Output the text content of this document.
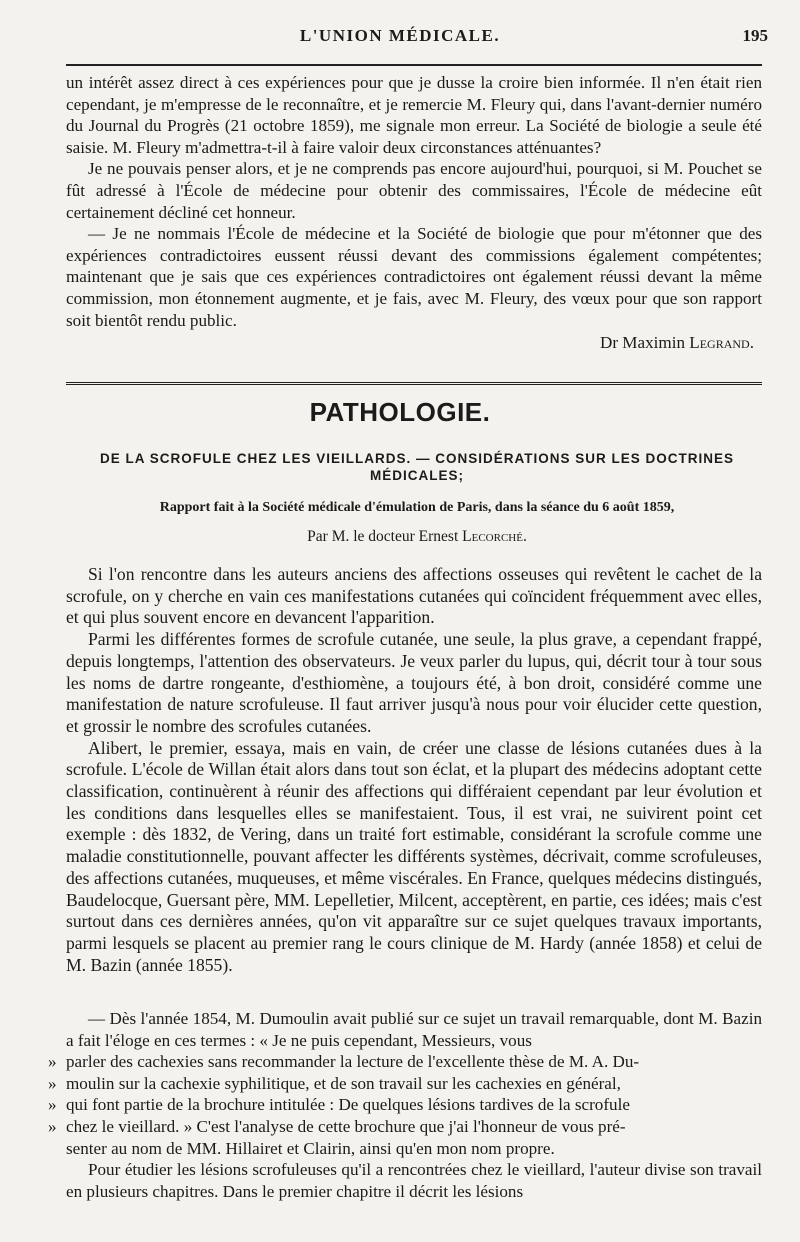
L'UNION MÉDICALE.	195

un intérêt assez direct à ces expériences pour que je dusse la croire bien informée. Il n'en était rien cependant, je m'empresse de le reconnaître, et je remercie M. Fleury qui, dans l'avant-dernier numéro du Journal du Progrès (21 octobre 1859), me signale mon erreur. La Société de biologie a seule été saisie. M. Fleury m'admettra-t-il à faire valoir deux circonstances atténuantes?

Je ne pouvais penser alors, et je ne comprends pas encore aujourd'hui, pourquoi, si M. Pouchet se fût adressé à l'École de médecine pour obtenir des commissaires, l'École de médecine eût certainement décliné cet honneur.

— Je ne nommais l'École de médecine et la Société de biologie que pour m'étonner que des expériences contradictoires eussent réussi devant des commissions également compétentes; maintenant que je sais que ces expériences contradictoires ont également réussi devant la même commission, mon étonnement augmente, et je fais, avec M. Fleury, des vœux pour que son rapport soit bientôt rendu public.

Dr Maximin Legrand.

PATHOLOGIE.
DE LA SCROFULE CHEZ LES VIEILLARDS. — CONSIDÉRATIONS SUR LES DOCTRINES MÉDICALES;
Rapport fait à la Société médicale d'émulation de Paris, dans la séance du 6 août 1859,
Par M. le docteur Ernest Lecorché.

Si l'on rencontre dans les auteurs anciens des affections osseuses qui revêtent le cachet de la scrofule, on y cherche en vain ces manifestations cutanées qui coïncident fréquemment avec elles, et qui plus souvent encore en devancent l'apparition.

Parmi les différentes formes de scrofule cutanée, une seule, la plus grave, a cependant frappé, depuis longtemps, l'attention des observateurs. Je veux parler du lupus, qui, décrit tour à tour sous les noms de dartre rongeante, d'esthiomène, a toujours été, à bon droit, considéré comme une manifestation de nature scrofuleuse. Il faut arriver jusqu'à nous pour voir élucider cette question, et grossir le nombre des scrofules cutanées.

Alibert, le premier, essaya, mais en vain, de créer une classe de lésions cutanées dues à la scrofule. L'école de Willan était alors dans tout son éclat, et la plupart des médecins adoptant cette classification, continuèrent à réunir des affections qui différaient cependant par leur évolution et les conditions dans lesquelles elles se manifestaient. Tous, il est vrai, ne suivirent point cet exemple : dès 1832, de Vering, dans un traité fort estimable, considérant la scrofule comme une maladie constitutionnelle, pouvant affecter les différents systèmes, décrivait, comme scrofuleuses, des affections cutanées, muqueuses, et même viscérales. En France, quelques médecins distingués, Baudelocque, Guersant père, MM. Lepelletier, Milcent, acceptèrent, en partie, ces idées; mais c'est surtout dans ces dernières années, qu'on vit apparaître sur ce sujet quelques travaux importants, parmi lesquels se placent au premier rang le cours clinique de M. Hardy (année 1858) et celui de M. Bazin (année 1855).

— Dès l'année 1854, M. Dumoulin avait publié sur ce sujet un travail remarquable, dont M. Bazin a fait l'éloge en ces termes : « Je ne puis cependant, Messieurs, vous

» parler des cachexies sans recommander la lecture de l'excellente thèse de M. A. Du-

» moulin sur la cachexie syphilitique, et de son travail sur les cachexies en général,

» qui font partie de la brochure intitulée : De quelques lésions tardives de la scrofule

» chez le vieillard. » C'est l'analyse de cette brochure que j'ai l'honneur de vous pré-

senter au nom de MM. Hillairet et Clairin, ainsi qu'en mon nom propre.

Pour étudier les lésions scrofuleuses qu'il a rencontrées chez le vieillard, l'auteur divise son travail en plusieurs chapitres. Dans le premier chapitre il décrit les lésions
